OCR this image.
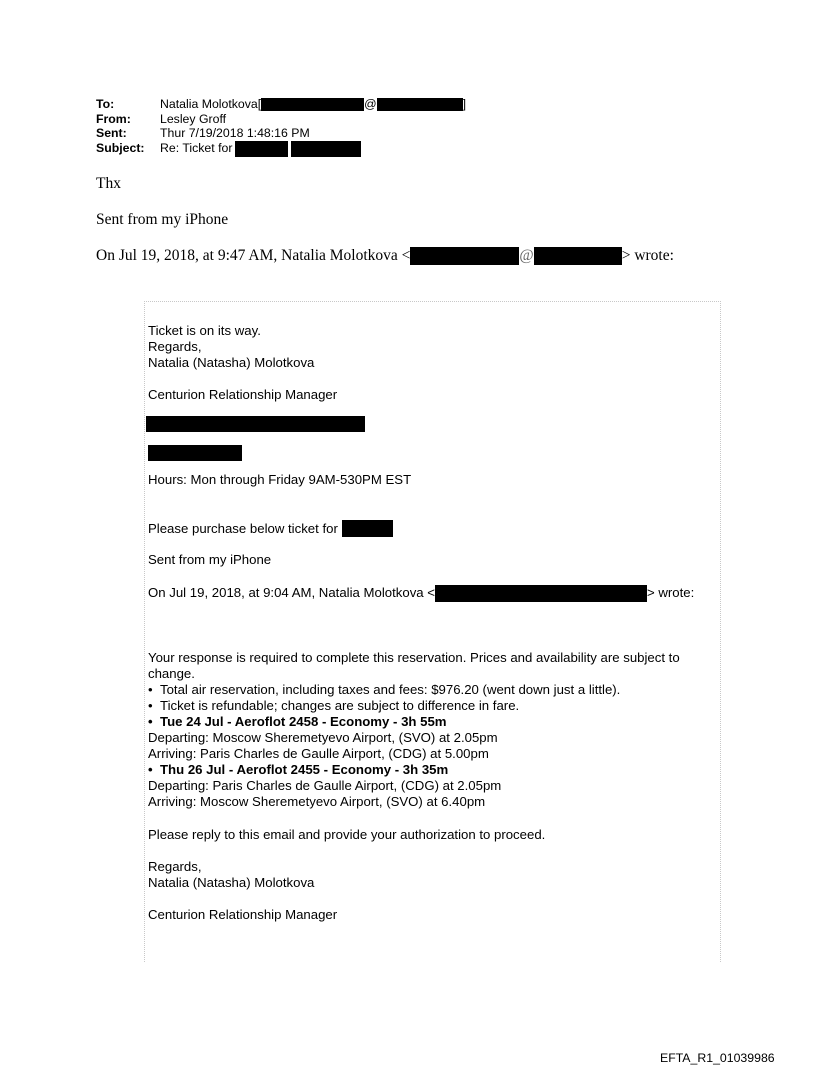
To:	Natalia Molotkova[	@	]
From:	Lesley Groff
Sent:	Thur 7/19/2018 1:48:16 PM
Subject:	Re: Ticket for
Thx
Sent from my iPhone
On Jul 19, 2018, at 9:47 AM, Natalia Molotkova <	@	> wrote:
Ticket is on its way.
Regards,
Natalia (Natasha) Molotkova
Centurion Relationship Manager
Hours: Mon through Friday 9AM-530PM EST
Please purchase below ticket for
Sent from my iPhone
On Jul 19, 2018, at 9:04 AM, Natalia Molotkova <	> wrote:
Your response is required to complete this reservation. Prices and availability are subject to
change.
• Total air reservation, including taxes and fees: $976.20 (went down just a little).
• Ticket is refundable; changes are subject to difference in fare.
• Tue 24 Jul - Aeroflot 2458 - Economy - 3h 55m
Departing: Moscow Sheremetyevo Airport, (SVO) at 2.05pm
Arriving: Paris Charles de Gaulle Airport, (CDG) at 5.00pm
• Thu 26 Jul - Aeroflot 2455 - Economy - 3h 35m
Departing: Paris Charles de Gaulle Airport, (CDG) at 2.05pm
Arriving: Moscow Sheremetyevo Airport, (SVO) at 6.40pm
Please reply to this email and provide your authorization to proceed.
Regards,
Natalia (Natasha) Molotkova
Centurion Relationship Manager
EFTA_R1_01039986
